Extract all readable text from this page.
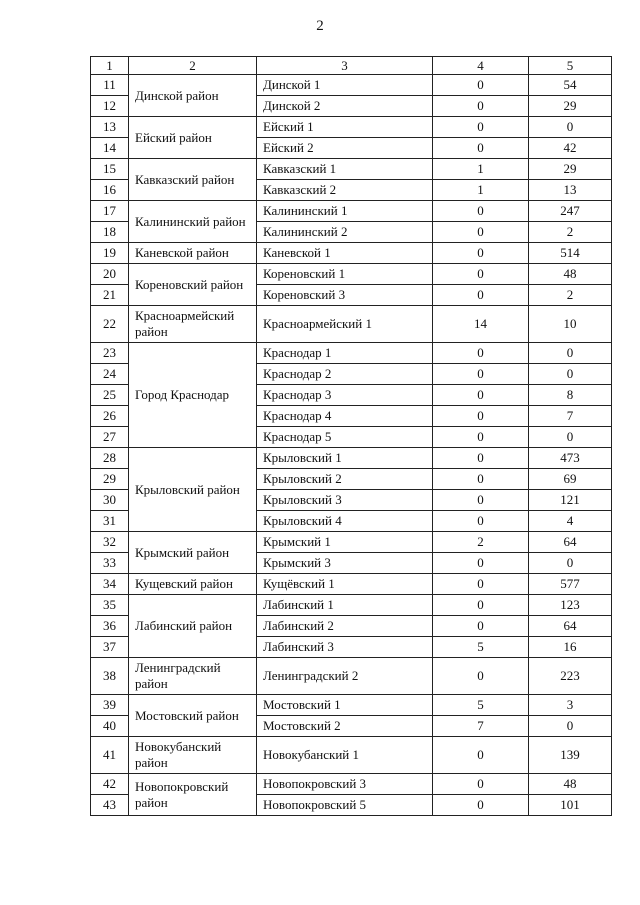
2
1	2	3	4	5
11	Динской район	Динской 1	0	54
12		Динской 2	0	29
13	Ейский район	Ейский 1	0	0
14		Ейский 2	0	42
15	Кавказский район	Кавказский 1	1	29
16		Кавказский 2	1	13
17	Калининский район	Калининский 1	0	247
18		Калининский 2	0	2
19	Каневской район	Каневской 1	0	514
20	Кореновский район	Кореновский 1	0	48
21		Кореновский 3	0	2
22	Красноармейский район	Красноармейский 1	14	10
23	Город Краснодар	Краснодар 1	0	0
24		Краснодар 2	0	0
25		Краснодар 3	0	8
26		Краснодар 4	0	7
27		Краснодар 5	0	0
28	Крыловский район	Крыловский 1	0	473
29		Крыловский 2	0	69
30		Крыловский 3	0	121
31		Крыловский 4	0	4
32	Крымский район	Крымский 1	2	64
33		Крымский 3	0	0
34	Кущевский район	Кущёвский 1	0	577
35	Лабинский район	Лабинский 1	0	123
36		Лабинский 2	0	64
37		Лабинский 3	5	16
38	Ленинградский район	Ленинградский 2	0	223
39	Мостовский район	Мостовский 1	5	3
40		Мостовский 2	7	0
41	Новокубанский район	Новокубанский 1	0	139
42	Новопокровский район	Новопокровский 3	0	48
43		Новопокровский 5	0	101
